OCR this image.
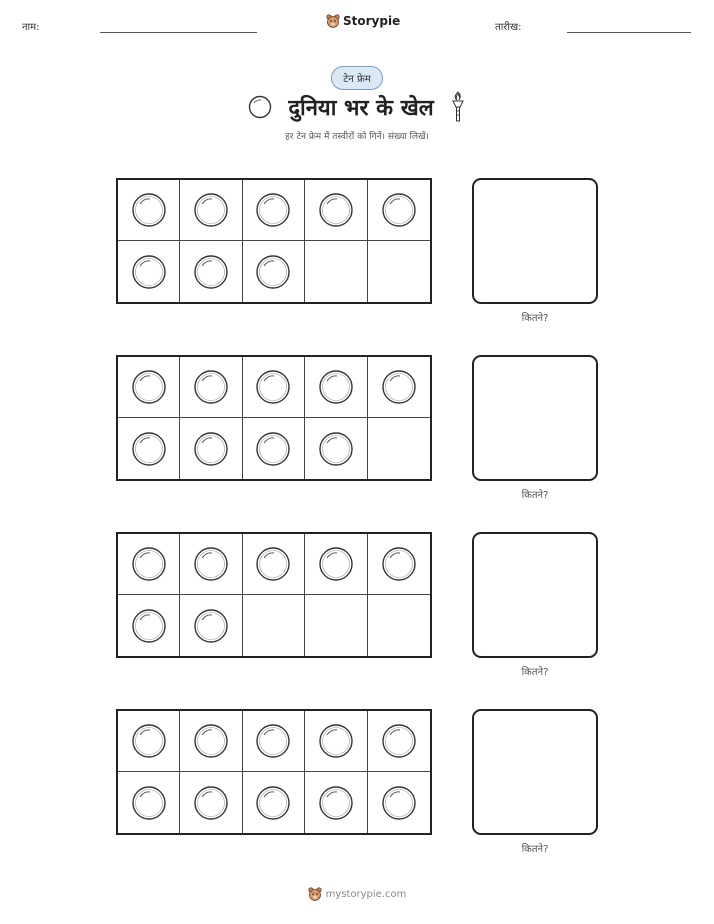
नाम:	Storypie	तारीख:
टेन फ्रेम
दुनिया भर के खेल
हर टेन फ्रेम में तस्वीरों को गिनें। संख्या लिखें।
कितने?
कितने?
कितने?
कितने?
mystorypie.com
